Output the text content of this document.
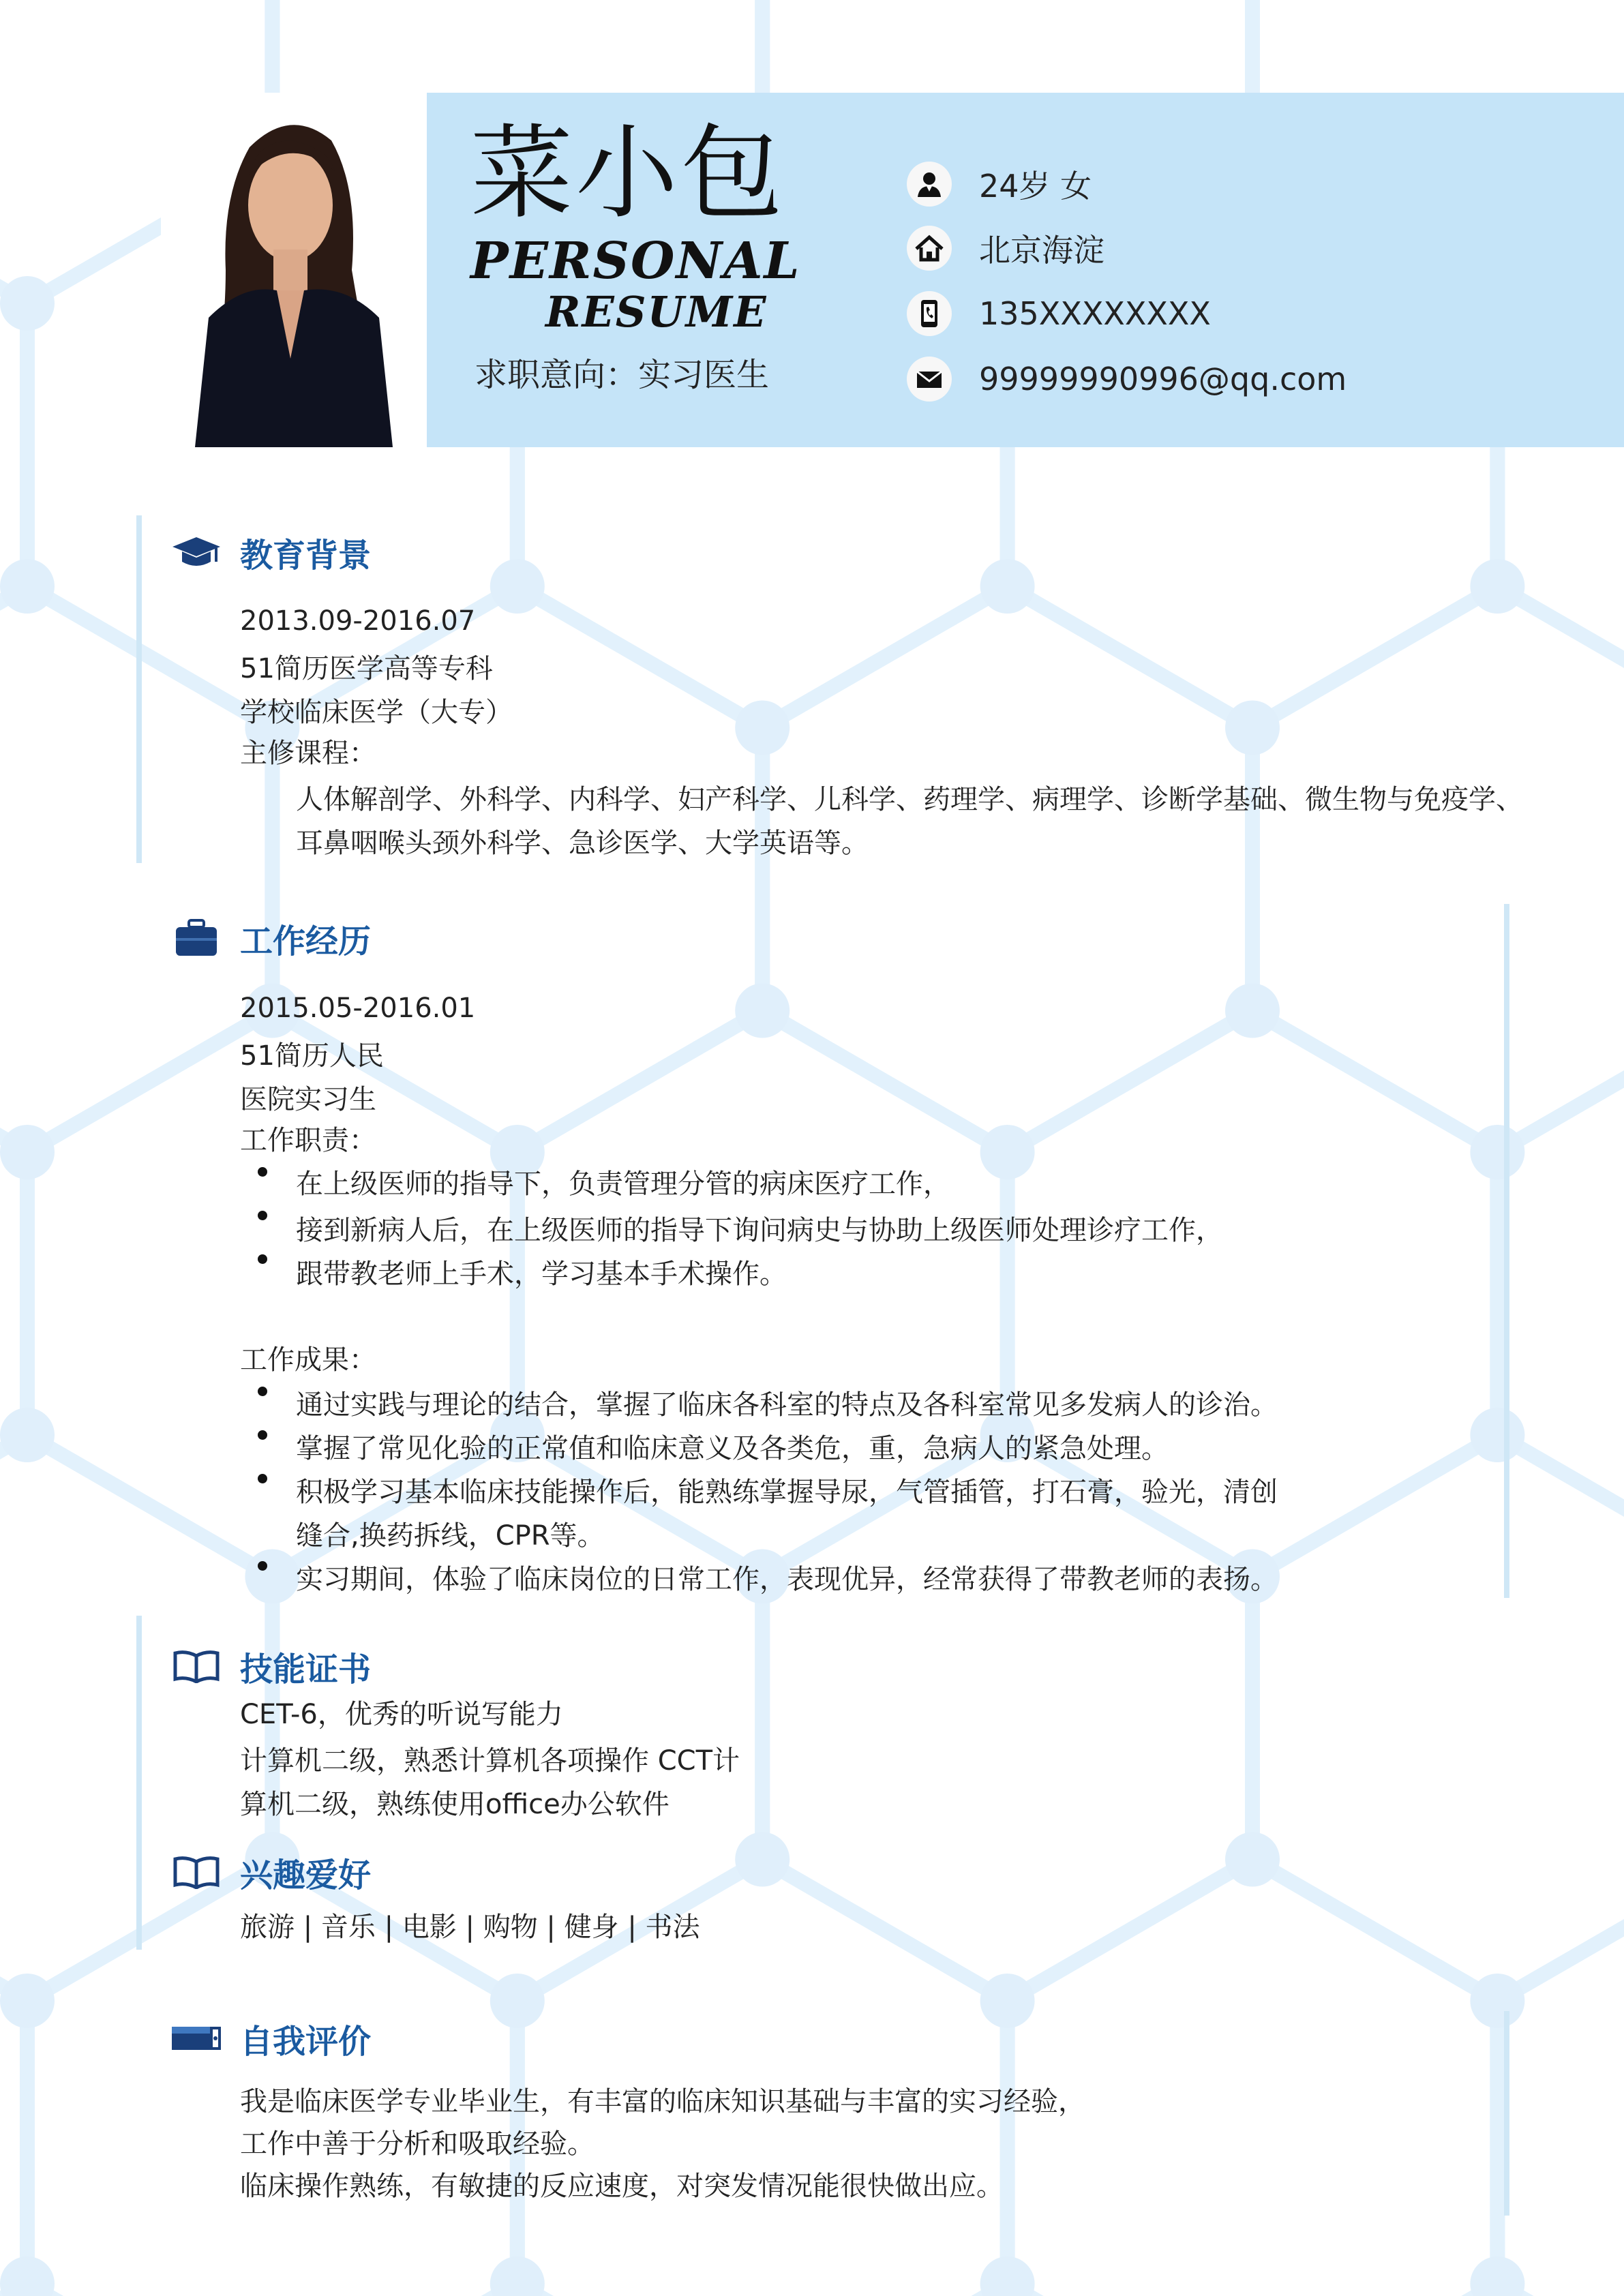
菜小包
PERSONAL
RESUME
求职意向：实习医生
24岁 女
北京海淀
135XXXXXXXX
99999990996@qq.com
教育背景
2013.09-2016.07
51简历医学高等专科
学校临床医学（大专）
主修课程：
人体解剖学、外科学、内科学、妇产科学、儿科学、药理学、病理学、诊断学基础、微生物与免疫学、
耳鼻咽喉头颈外科学、急诊医学、大学英语等。
工作经历
2015.05-2016.01
51简历人民
医院实习生
工作职责：
在上级医师的指导下，负责管理分管的病床医疗工作，
接到新病人后，在上级医师的指导下询问病史与协助上级医师处理诊疗工作，
跟带教老师上手术，学习基本手术操作。
工作成果：
通过实践与理论的结合，掌握了临床各科室的特点及各科室常见多发病人的诊治。
掌握了常见化验的正常值和临床意义及各类危，重，急病人的紧急处理。
积极学习基本临床技能操作后，能熟练掌握导尿，气管插管，打石膏，验光，清创
缝合,换药拆线，CPR等。
实习期间，体验了临床岗位的日常工作，表现优异，经常获得了带教老师的表扬。
技能证书
CET-6，优秀的听说写能力
计算机二级，熟悉计算机各项操作 CCT计
算机二级，熟练使用office办公软件
兴趣爱好
旅游 | 音乐 | 电影 | 购物 | 健身 | 书法
自我评价
我是临床医学专业毕业生，有丰富的临床知识基础与丰富的实习经验，
工作中善于分析和吸取经验。
临床操作熟练，有敏捷的反应速度，对突发情况能很快做出应。
